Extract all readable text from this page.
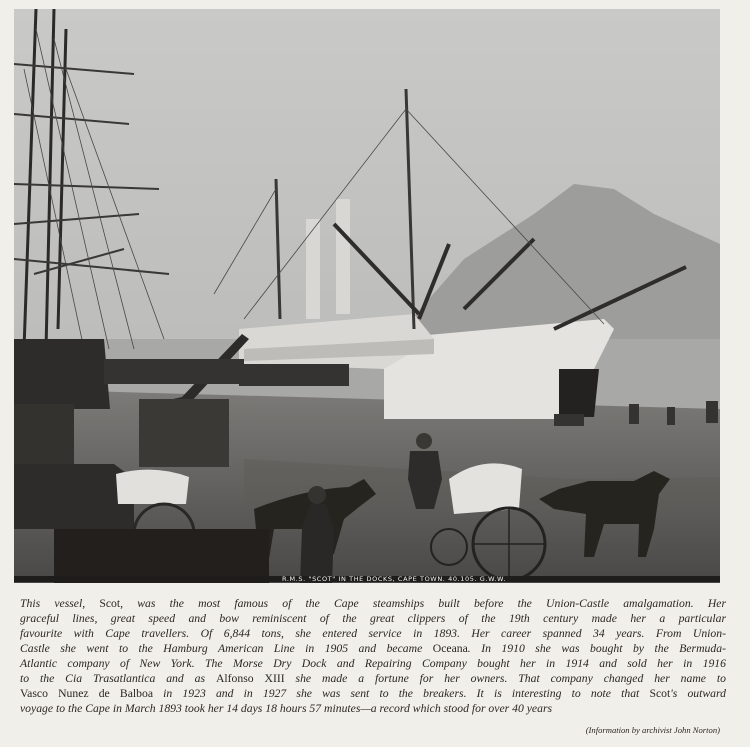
R.M.S. "SCOT" IN THE DOCKS, CAPE TOWN. 40.105. G.W.W.
This vessel, Scot, was the most famous of the Cape steamships built before the Union-Castle amalgamation. Her
graceful lines, great speed and bow reminiscent of the great clippers of the 19th century made her a particular
favourite with Cape travellers. Of 6,844 tons, she entered service in 1893. Her career spanned 34 years. From Union-
Castle she went to the Hamburg American Line in 1905 and became Oceana. In 1910 she was bought by the Bermuda-
Atlantic company of New York. The Morse Dry Dock and Repairing Company bought her in 1914 and sold her in 1916
to the Cia Trasatlantica and as Alfonso XIII she made a fortune for her owners. That company changed her name to
Vasco Nunez de Balboa in 1923 and in 1927 she was sent to the breakers. It is interesting to note that Scot's outward
voyage to the Cape in March 1893 took her 14 days 18 hours 57 minutes—a record which stood for over 40 years
(Information by archivist John Norton)
